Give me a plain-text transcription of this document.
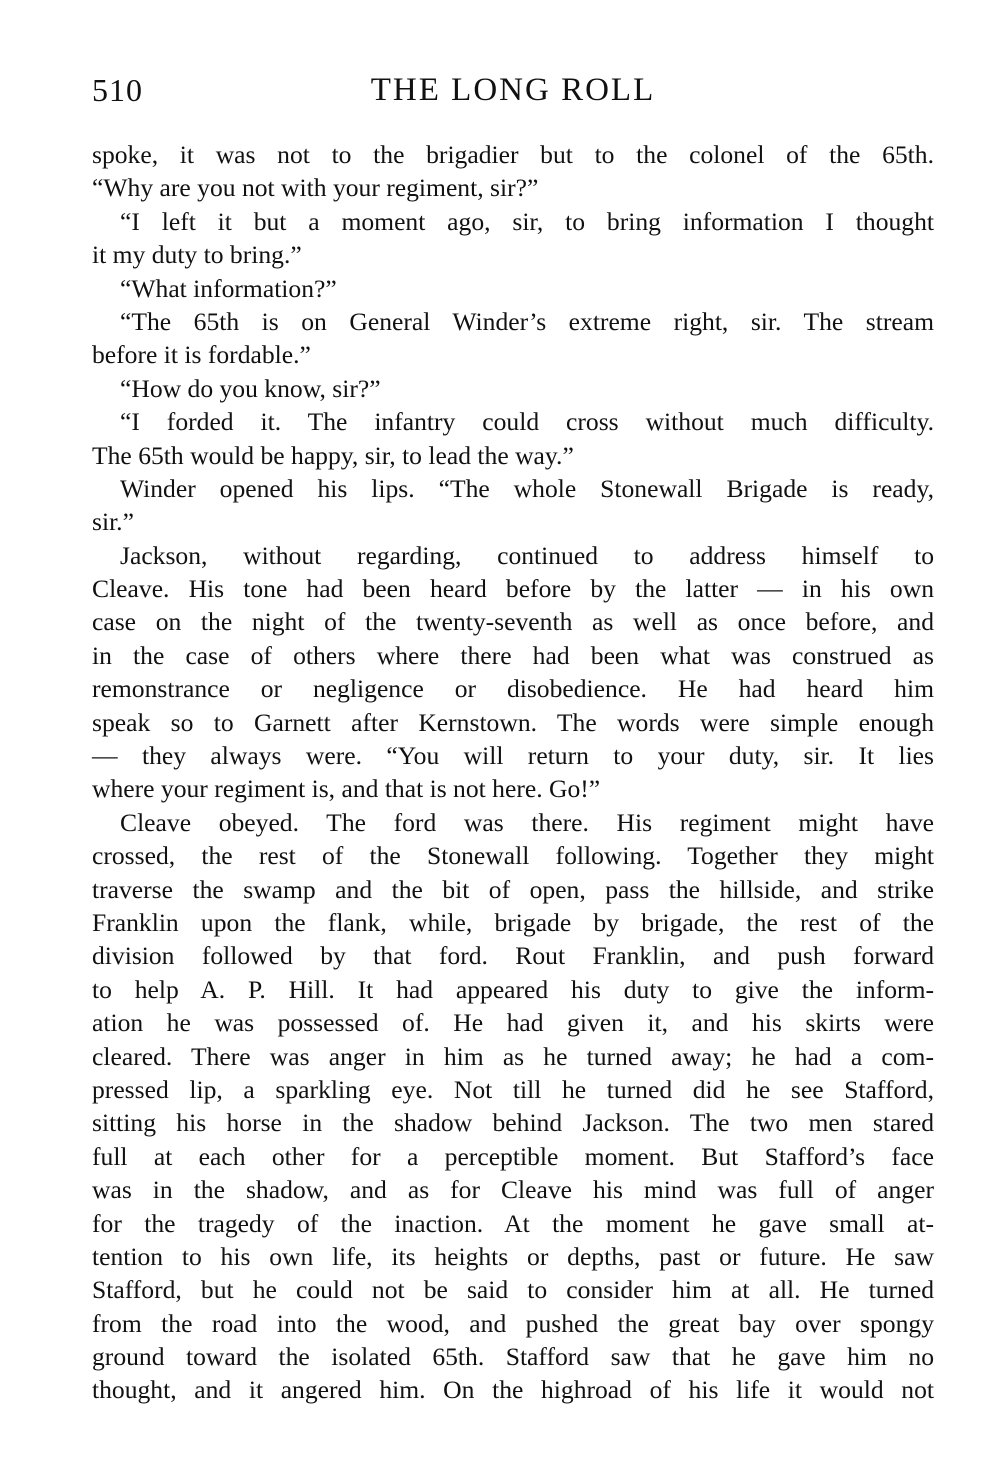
510	THE LONG ROLL
spoke, it was not to the brigadier but to the colonel of the 65th.
“Why are you not with your regiment, sir?”
“I left it but a moment ago, sir, to bring information I thought
it my duty to bring.”
“What information?”
“The 65th is on General Winder’s extreme right, sir. The stream
before it is fordable.”
“How do you know, sir?”
“I forded it. The infantry could cross without much difficulty.
The 65th would be happy, sir, to lead the way.”
Winder opened his lips. “The whole Stonewall Brigade is ready,
sir.”
Jackson, without regarding, continued to address himself to
Cleave. His tone had been heard before by the latter — in his own
case on the night of the twenty-seventh as well as once before, and
in the case of others where there had been what was construed as
remonstrance or negligence or disobedience. He had heard him
speak so to Garnett after Kernstown. The words were simple enough
— they always were. “You will return to your duty, sir. It lies
where your regiment is, and that is not here. Go!”
Cleave obeyed. The ford was there. His regiment might have
crossed, the rest of the Stonewall following. Together they might
traverse the swamp and the bit of open, pass the hillside, and strike
Franklin upon the flank, while, brigade by brigade, the rest of the
division followed by that ford. Rout Franklin, and push forward
to help A. P. Hill. It had appeared his duty to give the inform-
ation he was possessed of. He had given it, and his skirts were
cleared. There was anger in him as he turned away; he had a com-
pressed lip, a sparkling eye. Not till he turned did he see Stafford,
sitting his horse in the shadow behind Jackson. The two men stared
full at each other for a perceptible moment. But Stafford’s face
was in the shadow, and as for Cleave his mind was full of anger
for the tragedy of the inaction. At the moment he gave small at-
tention to his own life, its heights or depths, past or future. He saw
Stafford, but he could not be said to consider him at all. He turned
from the road into the wood, and pushed the great bay over spongy
ground toward the isolated 65th. Stafford saw that he gave him no
thought, and it angered him. On the highroad of his life it would not
